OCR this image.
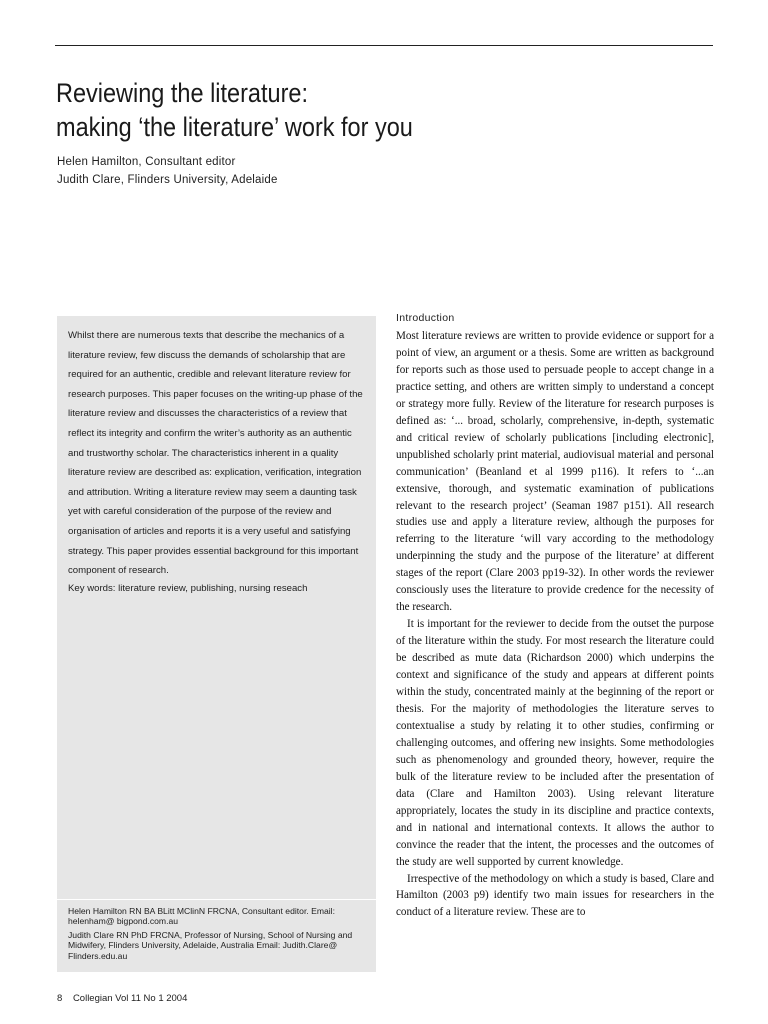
Reviewing the literature:
making ‘the literature’ work for you
Helen Hamilton, Consultant editor
Judith Clare, Flinders University, Adelaide

Whilst there are numerous texts that describe the mechanics of a literature review, few discuss the demands of scholarship that are required for an authentic, credible and relevant literature review for research purposes. This paper focuses on the writing-up phase of the literature review and discusses the characteristics of a review that reflect its integrity and confirm the writer’s authority as an authentic and trustworthy scholar. The characteristics inherent in a quality literature review are described as: explication, verification, integration and attribution. Writing a literature review may seem a daunting task yet with careful consideration of the purpose of the review and organisation of articles and reports it is a very useful and satisfying strategy. This paper provides essential background for this important component of research.

Key words: literature review, publishing, nursing reseach

Helen Hamilton RN BA BLitt MClinN FRCNA, Consultant editor. Email: helenham@ bigpond.com.au

Judith Clare RN PhD FRCNA, Professor of Nursing, School of Nursing and Midwifery, Flinders University, Adelaide, Australia Email: Judith.Clare@ Flinders.edu.au

Introduction

Most literature reviews are written to provide evidence or support for a point of view, an argument or a thesis. Some are written as background for reports such as those used to persuade people to accept change in a practice setting, and others are written simply to understand a concept or strategy more fully. Review of the literature for research purposes is defined as: ‘... broad, scholarly, comprehensive, in-depth, systematic and critical review of scholarly publications [including electronic], unpublished scholarly print material, audiovisual material and personal communication’ (Beanland et al 1999 p116). It refers to ‘...an extensive, thorough, and systematic examination of publications relevant to the research project’ (Seaman 1987 p151). All research studies use and apply a literature review, although the purposes for referring to the literature ‘will vary according to the methodology underpinning the study and the purpose of the literature’ at different stages of the report (Clare 2003 pp19-32). In other words the reviewer consciously uses the literature to provide credence for the necessity of the research.

It is important for the reviewer to decide from the outset the purpose of the literature within the study. For most research the literature could be described as mute data (Richardson 2000) which underpins the context and significance of the study and appears at different points within the study, concentrated mainly at the beginning of the report or thesis. For the majority of methodologies the literature serves to contextualise a study by relating it to other studies, confirming or challenging outcomes, and offering new insights. Some methodologies such as phenomenology and grounded theory, however, require the bulk of the literature review to be included after the presentation of data (Clare and Hamilton 2003). Using relevant literature appropriately, locates the study in its discipline and practice contexts, and in national and international contexts. It allows the author to convince the reader that the intent, the processes and the outcomes of the study are well supported by current knowledge.

Irrespective of the methodology on which a study is based, Clare and Hamilton (2003 p9) identify two main issues for researchers in the conduct of a literature review. These are to

8 Collegian Vol 11 No 1 2004
